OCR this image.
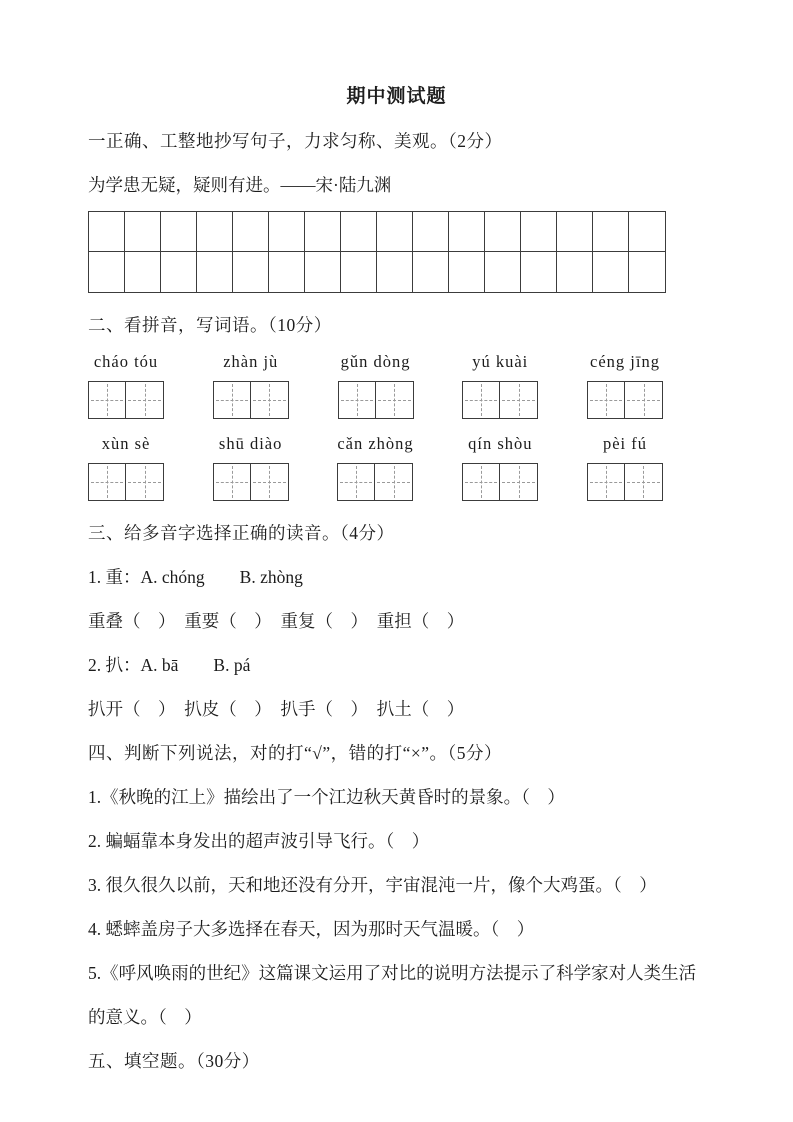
期中测试题

一正确、工整地抄写句子，力求匀称、美观。（2分）

为学患无疑，疑则有进。——宋·陆九渊

二、看拼音，写词语。（10分）

cháo tóu	zhàn jù	gǔn dòng	yú kuài	céng jīng
xùn sè	shū diào	cǎn zhòng	qín shòu	pèi fú

三、给多音字选择正确的读音。（4分）

1. 重：A. chóng　　B. zhòng

重叠（　）　重要（　）　重复（　）　重担（　）

2. 扒：A. bā　　B. pá

扒开（　）　扒皮（　）　扒手（　）　扒土（　）

四、判断下列说法，对的打“√”，错的打“×”。（5分）

1.《秋晚的江上》描绘出了一个江边秋天黄昏时的景象。（　）

2. 蝙蝠靠本身发出的超声波引导飞行。（　）

3. 很久很久以前，天和地还没有分开，宇宙混沌一片，像个大鸡蛋。（　）

4. 蟋蟀盖房子大多选择在春天，因为那时天气温暖。（　）

5.《呼风唤雨的世纪》这篇课文运用了对比的说明方法提示了科学家对人类生活的意义。（　）

五、填空题。（30分）
